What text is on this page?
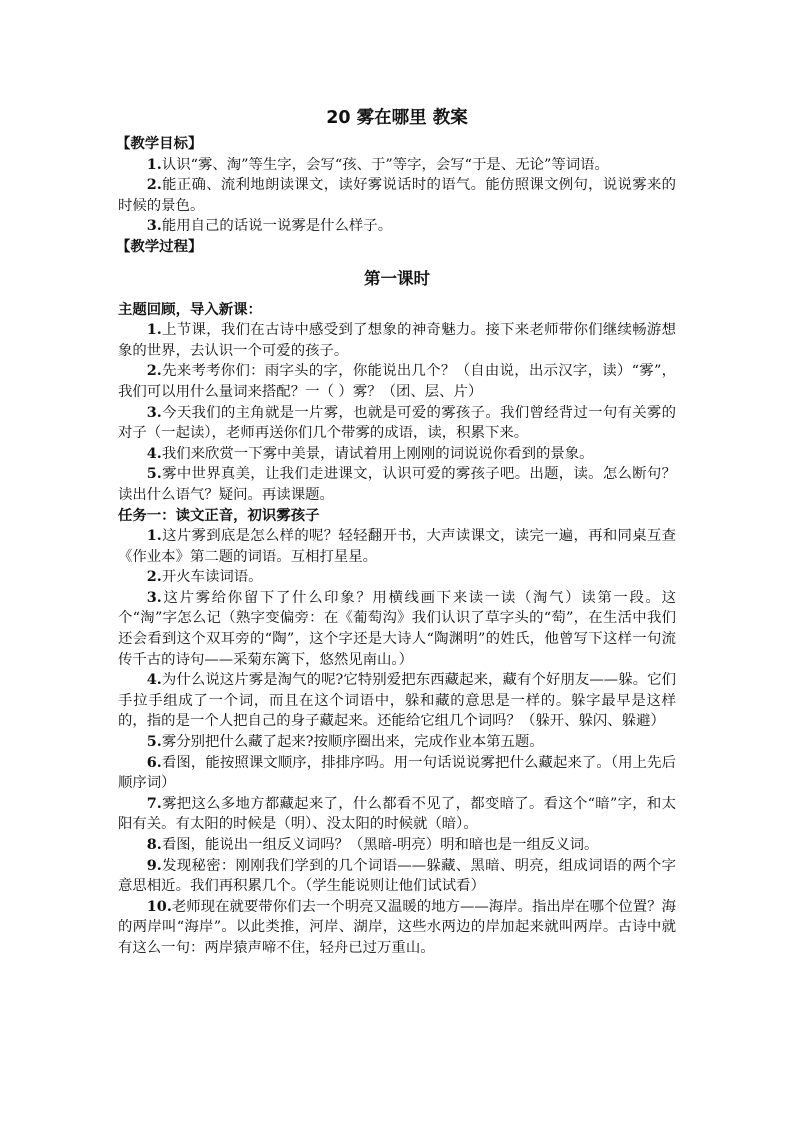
20 雾在哪里 教案
【教学目标】

1.认识“雾、淘”等生字，会写“孩、于”等字，会写“于是、无论”等词语。

2.能正确、流利地朗读课文，读好雾说话时的语气。能仿照课文例句，说说雾来的时候的景色。

3.能用自己的话说一说雾是什么样子。

【教学过程】
第一课时
主题回顾，导入新课：

1.上节课，我们在古诗中感受到了想象的神奇魅力。接下来老师带你们继续畅游想象的世界，去认识一个可爱的孩子。

2.先来考考你们：雨字头的字，你能说出几个？（自由说，出示汉字，读）“雾”，我们可以用什么量词来搭配？一（ ）雾？（团、层、片）

3.今天我们的主角就是一片雾，也就是可爱的雾孩子。我们曾经背过一句有关雾的对子（一起读），老师再送你们几个带雾的成语，读，积累下来。

4.我们来欣赏一下雾中美景，请试着用上刚刚的词说说你看到的景象。

5.雾中世界真美，让我们走进课文，认识可爱的雾孩子吧。出题，读。怎么断句？读出什么语气？疑问。再读课题。

任务一：读文正音，初识雾孩子

1.这片雾到底是怎么样的呢？轻轻翻开书，大声读课文，读完一遍，再和同桌互查《作业本》第二题的词语。互相打星星。

2.开火车读词语。

3.这片雾给你留下了什么印象？用横线画下来读一读（淘气）读第一段。这个“淘”字怎么记（熟字变偏旁：在《葡萄沟》我们认识了草字头的“萄”，在生活中我们还会看到这个双耳旁的“陶”，这个字还是大诗人“陶渊明”的姓氏，他曾写下这样一句流传千古的诗句——采菊东篱下，悠然见南山。）

4.为什么说这片雾是淘气的呢?它特别爱把东西藏起来，藏有个好朋友——躲。它们手拉手组成了一个词，而且在这个词语中，躲和藏的意思是一样的。躲字最早是这样的，指的是一个人把自己的身子藏起来。还能给它组几个词吗？（躲开、躲闪、躲避）

5.雾分别把什么藏了起来?按顺序圈出来，完成作业本第五题。

6.看图，能按照课文顺序，排排序吗。用一句话说说雾把什么藏起来了。（用上先后顺序词）

7.雾把这么多地方都藏起来了，什么都看不见了，都变暗了。看这个“暗”字，和太阳有关。有太阳的时候是（明）、没太阳的时候就（暗）。

8.看图，能说出一组反义词吗？（黑暗-明亮）明和暗也是一组反义词。

9.发现秘密：刚刚我们学到的几个词语——躲藏、黑暗、明亮，组成词语的两个字意思相近。我们再积累几个。（学生能说则让他们试试看）

10.老师现在就要带你们去一个明亮又温暖的地方——海岸。指出岸在哪个位置？海的两岸叫“海岸”。以此类推，河岸、湖岸，这些水两边的岸加起来就叫两岸。古诗中就有这么一句：两岸猿声啼不住，轻舟已过万重山。
